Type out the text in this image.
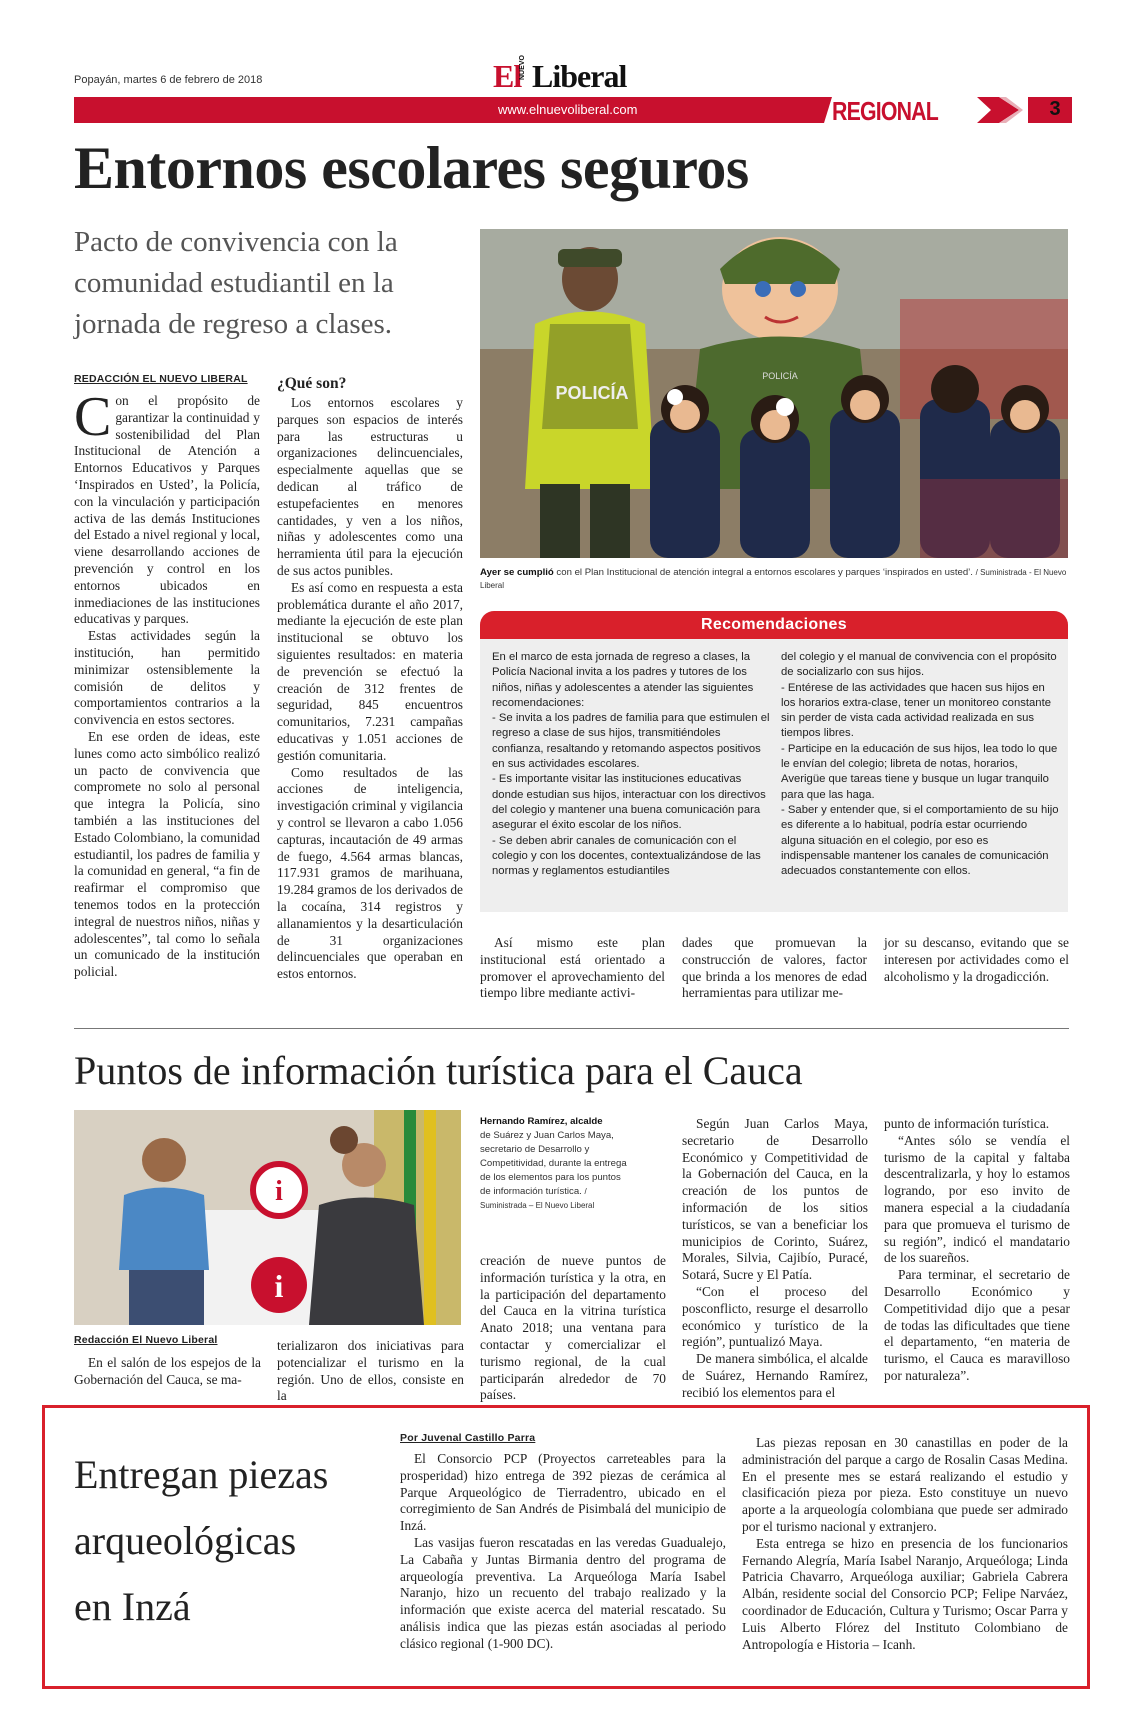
Popayán, martes 6 de febrero de 2018	El
NUEVO Liberal
www.elnuevoliberal.com	REGIONAL	3
Entornos escolares seguros
Pacto de convivencia con la comunidad estudiantil en la jornada de regreso a clases.
POLICÍA
POLICÍA
Ayer se cumplió con el Plan Institucional de atención integral a entornos escolares y parques ‘inspirados en usted’. / Suministrada - El Nuevo Liberal
REDACCIÓN EL NUEVO LIBERAL

Con el propósito de garantizar la continuidad y sostenibilidad del Plan Institucional de Atención a Entornos Educativos y Parques ‘Inspirados en Usted’, la Policía, con la vinculación y participación activa de las demás Instituciones del Estado a nivel regional y local, viene desarrollando acciones de prevención y control en los entornos ubicados en inmediaciones de las instituciones educativas y parques.

Estas actividades según la institución, han permitido minimizar ostensiblemente la comisión de delitos y comportamientos contrarios a la convivencia en estos sectores.

En ese orden de ideas, este lunes como acto simbólico realizó un pacto de convivencia que compromete no solo al personal que integra la Policía, sino también a las instituciones del Estado Colombiano, la comunidad estudiantil, los padres de familia y la comunidad en general, “a fin de reafirmar el compromiso que tenemos todos en la protección integral de nuestros niños, niñas y adolescentes”, tal como lo señala un comunicado de la institución policial.

¿Qué son?

Los entornos escolares y parques son espacios de interés para las estructuras u organizaciones delincuenciales, especialmente aquellas que se dedican al tráfico de estupefacientes en menores cantidades, y ven a los niños, niñas y adolescentes como una herramienta útil para la ejecución de sus actos punibles.

Es así como en respuesta a esta problemática durante el año 2017, mediante la ejecución de este plan institucional se obtuvo los siguientes resultados: en materia de prevención se efectuó la creación de 312 frentes de seguridad, 845 encuentros comunitarios, 7.231 campañas educativas y 1.051 acciones de gestión comunitaria.

Como resultados de las acciones de inteligencia, investigación criminal y vigilancia y control se llevaron a cabo 1.056 capturas, incautación de 49 armas de fuego, 4.564 armas blancas, 117.931 gramos de marihuana, 19.284 gramos de los derivados de la cocaína, 314 registros y allanamientos y la desarticulación de 31 organizaciones delincuenciales que operaban en estos entornos.

Recomendaciones

En el marco de esta jornada de regreso a clases, la Policía Nacional invita a los padres y tutores de los niños, niñas y adolescentes a atender las siguientes recomendaciones:

- Se invita a los padres de familia para que estimulen el regreso a clase de sus hijos, transmitiéndoles confianza, resaltando y retomando aspectos positivos en sus actividades escolares.

- Es importante visitar las instituciones educativas donde estudian sus hijos, interactuar con los directivos del colegio y mantener una buena comunicación para asegurar el éxito escolar de los niños.

- Se deben abrir canales de comunicación con el colegio y con los docentes, contextualizándose de las normas y reglamentos estudiantiles

del colegio y el manual de convivencia con el propósito de socializarlo con sus hijos.

- Entérese de las actividades que hacen sus hijos en los horarios extra-clase, tener un monitoreo constante sin perder de vista cada actividad realizada en sus tiempos libres.

- Participe en la educación de sus hijos, lea todo lo que le envían del colegio; libreta de notas, horarios, Averigüe que tareas tiene y busque un lugar tranquilo para que las haga.

- Saber y entender que, si el comportamiento de su hijo es diferente a lo habitual, podría estar ocurriendo alguna situación en el colegio, por eso es indispensable mantener los canales de comunicación adecuados constantemente con ellos.

Así mismo este plan institucional está orientado a promover el aprovechamiento del tiempo libre mediante activi-

dades que promuevan la construcción de valores, factor que brinda a los menores de edad herramientas para utilizar me-

jor su descanso, evitando que se interesen por actividades como el alcoholismo y la drogadicción.

Puntos de información turística para el Cauca
i
i
Hernando Ramírez, alcalde
de Suárez y Juan Carlos Maya, secretario de Desarrollo y Competitividad, durante la entrega de los elementos para los puntos de información turística. / Suministrada – El Nuevo Liberal
Redacción El Nuevo Liberal

En el salón de los espejos de la Gobernación del Cauca, se ma-

terializaron dos iniciativas para potencializar el turismo en la región. Uno de ellos, consiste en la

creación de nueve puntos de información turística y la otra, en la participación del departamento del Cauca en la vitrina turística Anato 2018; una ventana para contactar y comercializar el turismo regional, de la cual participarán alrededor de 70 países.

Según Juan Carlos Maya, secretario de Desarrollo Económico y Competitividad de la Gobernación del Cauca, en la creación de los puntos de información de los sitios turísticos, se van a beneficiar los municipios de Corinto, Suárez, Morales, Silvia, Cajibío, Puracé, Sotará, Sucre y El Patía.

“Con el proceso del posconflicto, resurge el desarrollo económico y turístico de la región”, puntualizó Maya.

De manera simbólica, el alcalde de Suárez, Hernando Ramírez, recibió los elementos para el

punto de información turística.

“Antes sólo se vendía el turismo de la capital y faltaba descentralizarla, y hoy lo estamos logrando, por eso invito de manera especial a la ciudadanía para que promueva el turismo de su región”, indicó el mandatario de los suareños.

Para terminar, el secretario de Desarrollo Económico y Competitividad dijo que a pesar de todas las dificultades que tiene el departamento, “en materia de turismo, el Cauca es maravilloso por naturaleza”.

Entregan piezas
arqueológicas
en Inzá
Por Juvenal Castillo Parra

El Consorcio PCP (Proyectos carreteables para la prosperidad) hizo entrega de 392 piezas de cerámica al Parque Arqueológico de Tierradentro, ubicado en el corregimiento de San Andrés de Pisimbalá del municipio de Inzá.

Las vasijas fueron rescatadas en las veredas Guadualejo, La Cabaña y Juntas Birmania dentro del programa de arqueología preventiva. La Arqueóloga María Isabel Naranjo, hizo un recuento del trabajo realizado y la información que existe acerca del material rescatado. Su análisis indica que las piezas están asociadas al periodo clásico regional (1-900 DC).

Las piezas reposan en 30 canastillas en poder de la administración del parque a cargo de Rosalin Casas Medina. En el presente mes se estará realizando el estudio y clasificación pieza por pieza. Esto constituye un nuevo aporte a la arqueología colombiana que puede ser admirado por el turismo nacional y extranjero.

Esta entrega se hizo en presencia de los funcionarios Fernando Alegría, María Isabel Naranjo, Arqueóloga; Linda Patricia Chavarro, Arqueóloga auxiliar; Gabriela Cabrera Albán, residente social del Consorcio PCP; Felipe Narváez, coordinador de Educación, Cultura y Turismo; Oscar Parra y Luis Alberto Flórez del Instituto Colombiano de Antropología e Historia – Icanh.
